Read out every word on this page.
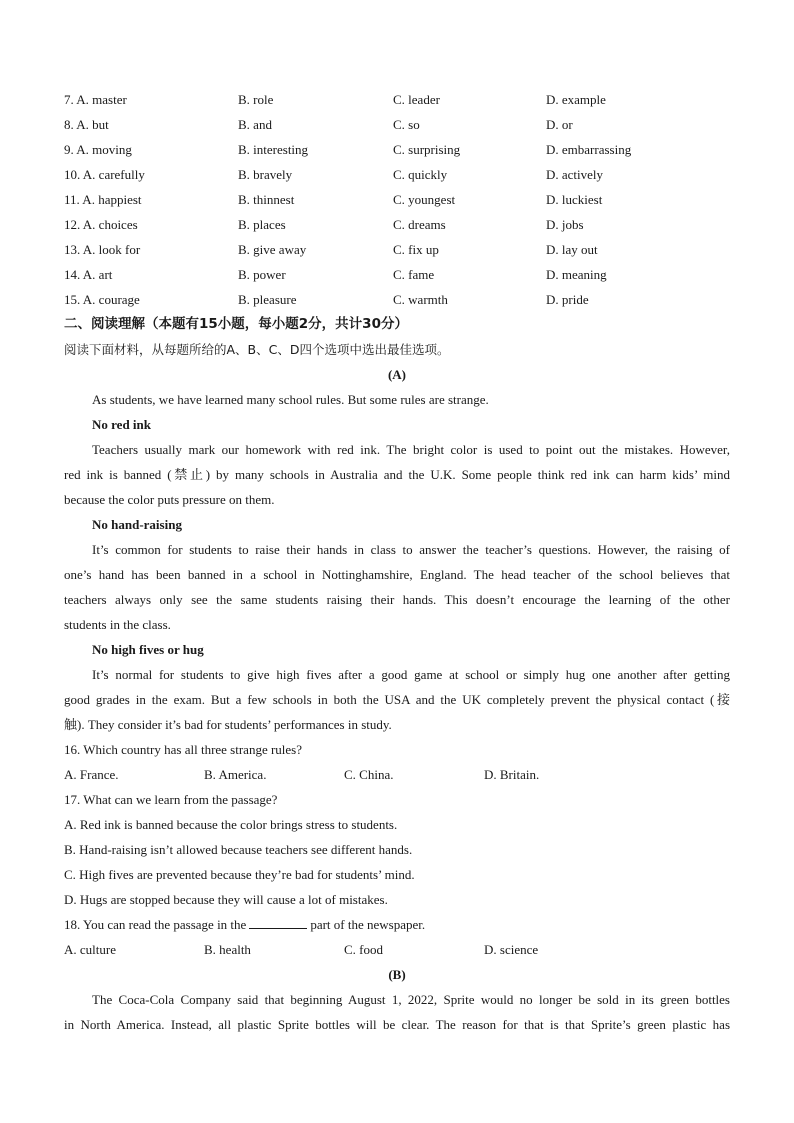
7. A. master	B. role	C. leader	D. example
8. A. but	B. and	C. so	D. or
9. A. moving	B. interesting	C. surprising	D. embarrassing
10. A. carefully	B. bravely	C. quickly	D. actively
11. A. happiest	B. thinnest	C. youngest	D. luckiest
12. A. choices	B. places	C. dreams	D. jobs
13. A. look for	B. give away	C. fix up	D. lay out
14. A. art	B. power	C. fame	D. meaning
15. A. courage	B. pleasure	C. warmth	D. pride
二、阅读理解（本题有15小题，每小题2分，共计30分）
阅读下面材料，从每题所给的A、B、C、D四个选项中选出最佳选项。
(A)
As students, we have learned many school rules. But some rules are strange.
No red ink
Teachers usually mark our homework with red ink. The bright color is used to point out the mistakes. However,
red ink is banned (禁止) by many schools in Australia and the U.K. Some people think red ink can harm kids’ mind
because the color puts pressure on them.
No hand-raising
It’s common for students to raise their hands in class to answer the teacher’s questions. However, the raising of
one’s hand has been banned in a school in Nottinghamshire, England. The head teacher of the school believes that
teachers always only see the same students raising their hands. This doesn’t encourage the learning of the other
students in the class.
No high fives or hug
It’s normal for students to give high fives after a good game at school or simply hug one another after getting
good grades in the exam. But a few schools in both the USA and the UK completely prevent the physical contact (接
触). They consider it’s bad for students’ performances in study.
16. Which country has all three strange rules?
A. France.	B. America.	C. China.	D. Britain.
17. What can we learn from the passage?
A. Red ink is banned because the color brings stress to students.
B. Hand-raising isn’t allowed because teachers see different hands.
C. High fives are prevented because they’re bad for students’ mind.
D. Hugs are stopped because they will cause a lot of mistakes.
18. You can read the passage in the	part of the newspaper.
A. culture	B. health	C. food	D. science
(B)
The Coca-Cola Company said that beginning August 1, 2022, Sprite would no longer be sold in its green bottles
in North America. Instead, all plastic Sprite bottles will be clear. The reason for that is that Sprite’s green plastic has
